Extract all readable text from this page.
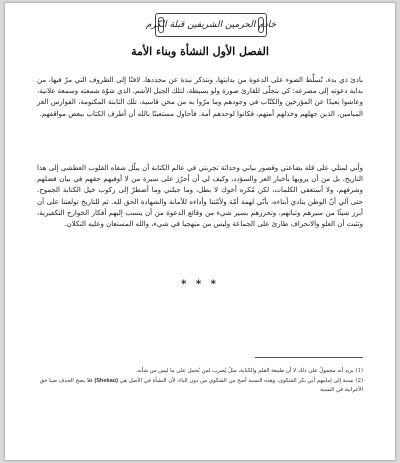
خادم الحرمين الشريفين قبلة الكرم
الفصل الأول النشأة وبناء الأمة

بادئ ذي بدء، تُسلِّط الضوء على الدعوة من بدايتها، ونتذكر نبذة عن مجددها، لافتًا إلى الظروف التي مرّ فيها، من بداية دعوته إلى مصرعه؛ كي يتجلّى للقارئ صورة ولو بسيطة، لتلك الجيل الأشم. الذي شوّة شمعته وسمعة علانية، وعاشوا بعيدًا عن المؤرخين والكتّاب في وجودهم وما مرّوا به من محن قاسية، تلك الثابتة المكتومة، الفوارس الغر الميامين، الذين جهلهم وخذلهم أمتهم، فكانوا لوحدهم أمة. فأحاول مستعينًا بالله أن أطرف الكتاب ببعض مواقفهم.

وأني لمتلي على قلة بضاعتي وقصور بياني وحداثة تجربتي في عالم الكتابة أن يبلّل شفاه القلوب العطشى إلى هذا التاريخ، بل من أن يرويها بأخبار العز والسؤدد، وكيف لي أن أحرّز على سيرة من لا أوفيهم حقهم في بيان فضلهم وشرفهم، ولا أستعفي الكلمات، لكن مُكره أخوك لا بطل، وما جبلني وما أضطرّ إلى ركوب خيل الكتابة الجموح. حتى آلي أنّ الوطن ينادي أبناءه، بأنّي لهمة أمّة ولأمّتنا وأداءه للأمانة والشهادة الحق لله. ثم للتاريخ تولعتنا على أن أبرز شيئًا من سيرهم وثباتهم، وتحرزهم بسير شيء من وقائع الدعوة من أن ينسب إليهم أفكار الخوارج التكفيرية، وتثبت أن الغلو والانحراف طارئ على الجماعة وليس من منهجيا في شيء، والله المستعان وعليه التكلان.

* * *

(1) يريد أنه مجمولٌ على ذلك لا أن طبيعة القلم والكتابة، مثلٌ يُضرب لمن يُحمل على ما ليس من شأنه.

(2) نسبة إلى إمامهم أبي بكر الشكوى، وهذه النسبة أصح من الشكوي من دون الباء، لأن النشأة في الأصل هي (Shekau) فلا يصح الحذف ضيا حق الأعرابية في النسبة
